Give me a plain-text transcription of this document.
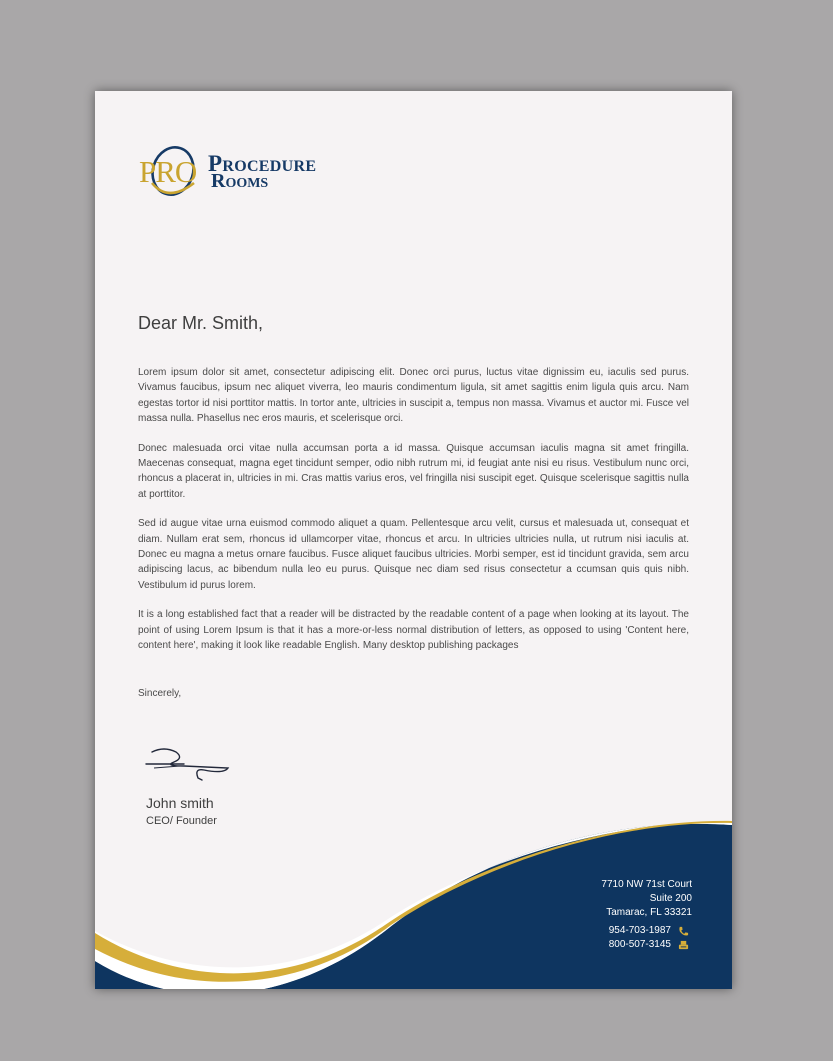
PRO Procedure
Rooms
Dear Mr. Smith,

Lorem ipsum dolor sit amet, consectetur adipiscing elit. Donec orci purus, luctus vitae dignissim eu, iaculis sed purus. Vivamus faucibus, ipsum nec aliquet viverra, leo mauris condimentum ligula, sit amet sagittis enim ligula quis arcu. Nam egestas tortor id nisi porttitor mattis. In tortor ante, ultricies in suscipit a, tempus non massa. Vivamus et auctor mi. Fusce vel massa nulla. Phasellus nec eros mauris, et scelerisque orci.

Donec malesuada orci vitae nulla accumsan porta a id massa. Quisque accumsan iaculis magna sit amet fringilla. Maecenas consequat, magna eget tincidunt semper, odio nibh rutrum mi, id feugiat ante nisi eu risus. Vestibulum nunc orci, rhoncus a placerat in, ultricies in mi. Cras mattis varius eros, vel fringilla nisi suscipit eget. Quisque scelerisque sagittis nulla at porttitor.

Sed id augue vitae urna euismod commodo aliquet a quam. Pellentesque arcu velit, cursus et malesuada ut, consequat et diam. Nullam erat sem, rhoncus id ullamcorper vitae, rhoncus et arcu. In ultricies ultricies nulla, ut rutrum nisi iaculis at. Donec eu magna a metus ornare faucibus. Fusce aliquet faucibus ultricies. Morbi semper, est id tincidunt gravida, sem arcu adipiscing lacus, ac bibendum nulla leo eu purus. Quisque nec diam sed risus consectetur a ccumsan quis quis nibh. Vestibulum id purus lorem.

It is a long established fact that a reader will be distracted by the readable content of a page when looking at its layout. The point of using Lorem Ipsum is that it has a more-or-less normal distribution of letters, as opposed to using 'Content here, content here', making it look like readable English. Many desktop publishing packages

Sincerely,
John smith
CEO/ Founder
7710 NW 71st Court
Suite 200
Tamarac, FL 33321
954-703-1987
800-507-3145
